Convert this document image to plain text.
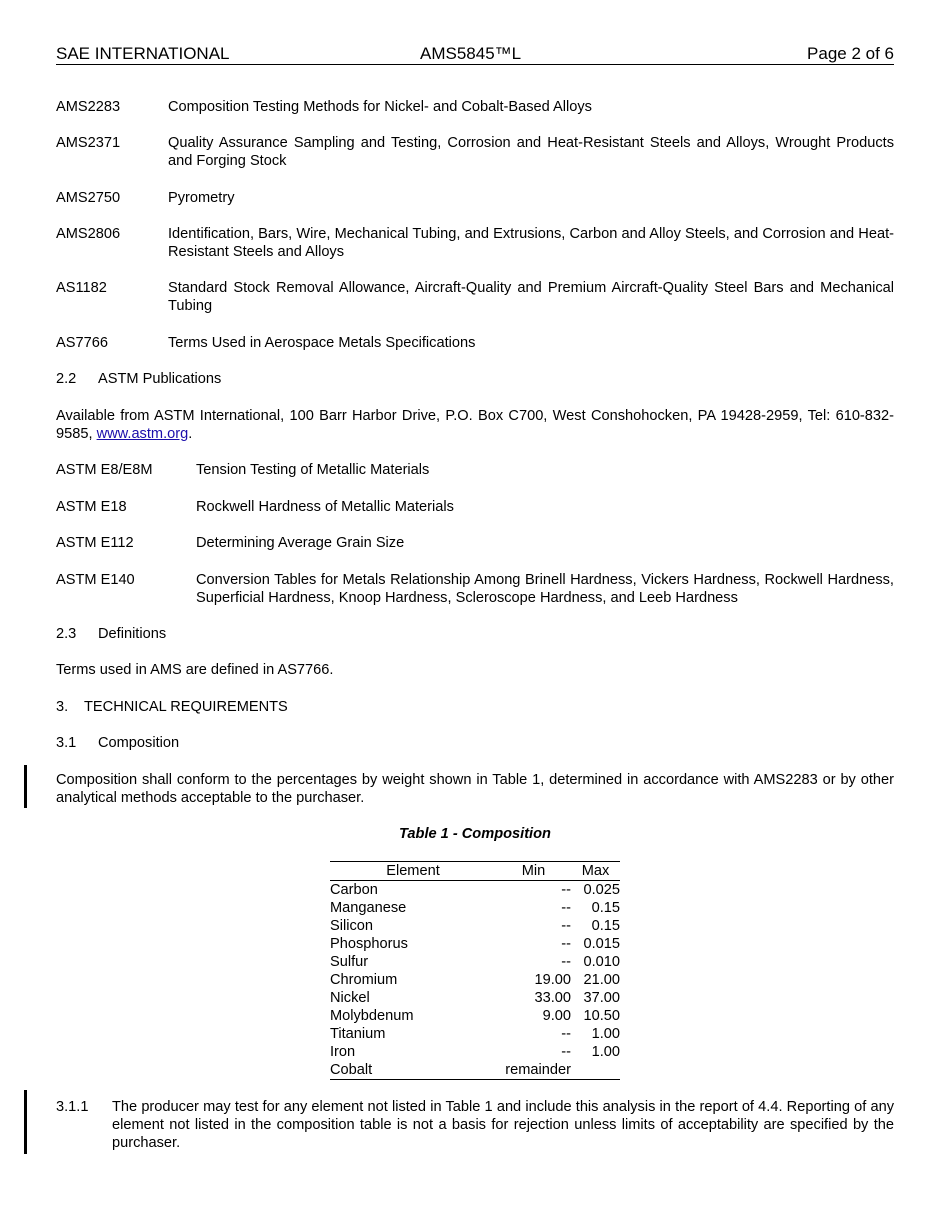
SAE INTERNATIONAL	AMS5845™L	Page 2 of 6
AMS2283	Composition Testing Methods for Nickel- and Cobalt-Based Alloys
AMS2371	Quality Assurance Sampling and Testing, Corrosion and Heat-Resistant Steels and Alloys, Wrought Products and Forging Stock
AMS2750	Pyrometry
AMS2806	Identification, Bars, Wire, Mechanical Tubing, and Extrusions, Carbon and Alloy Steels, and Corrosion and Heat-Resistant Steels and Alloys
AS1182	Standard Stock Removal Allowance, Aircraft-Quality and Premium Aircraft-Quality Steel Bars and Mechanical Tubing
AS7766	Terms Used in Aerospace Metals Specifications
2.2 ASTM Publications
Available from ASTM International, 100 Barr Harbor Drive, P.O. Box C700, West Conshohocken, PA 19428-2959, Tel: 610-832-9585, www.astm.org.
ASTM E8/E8M	Tension Testing of Metallic Materials
ASTM E18	Rockwell Hardness of Metallic Materials
ASTM E112	Determining Average Grain Size
ASTM E140	Conversion Tables for Metals Relationship Among Brinell Hardness, Vickers Hardness, Rockwell Hardness, Superficial Hardness, Knoop Hardness, Scleroscope Hardness, and Leeb Hardness
2.3 Definitions
Terms used in AMS are defined in AS7766.
3. TECHNICAL REQUIREMENTS
3.1 Composition
Composition shall conform to the percentages by weight shown in Table 1, determined in accordance with AMS2283 or by other analytical methods acceptable to the purchaser.
Table 1 - Composition
Element	Min	Max
Carbon	--	0.025
Manganese	--	0.15
Silicon	--	0.15
Phosphorus	--	0.015
Sulfur	--	0.010
Chromium	19.00	21.00
Nickel	33.00	37.00
Molybdenum	9.00	10.50
Titanium	--	1.00
Iron	--	1.00
Cobalt	remainder	
3.1.1 The producer may test for any element not listed in Table 1 and include this analysis in the report of 4.4. Reporting of any element not listed in the composition table is not a basis for rejection unless limits of acceptability are specified by the purchaser.
